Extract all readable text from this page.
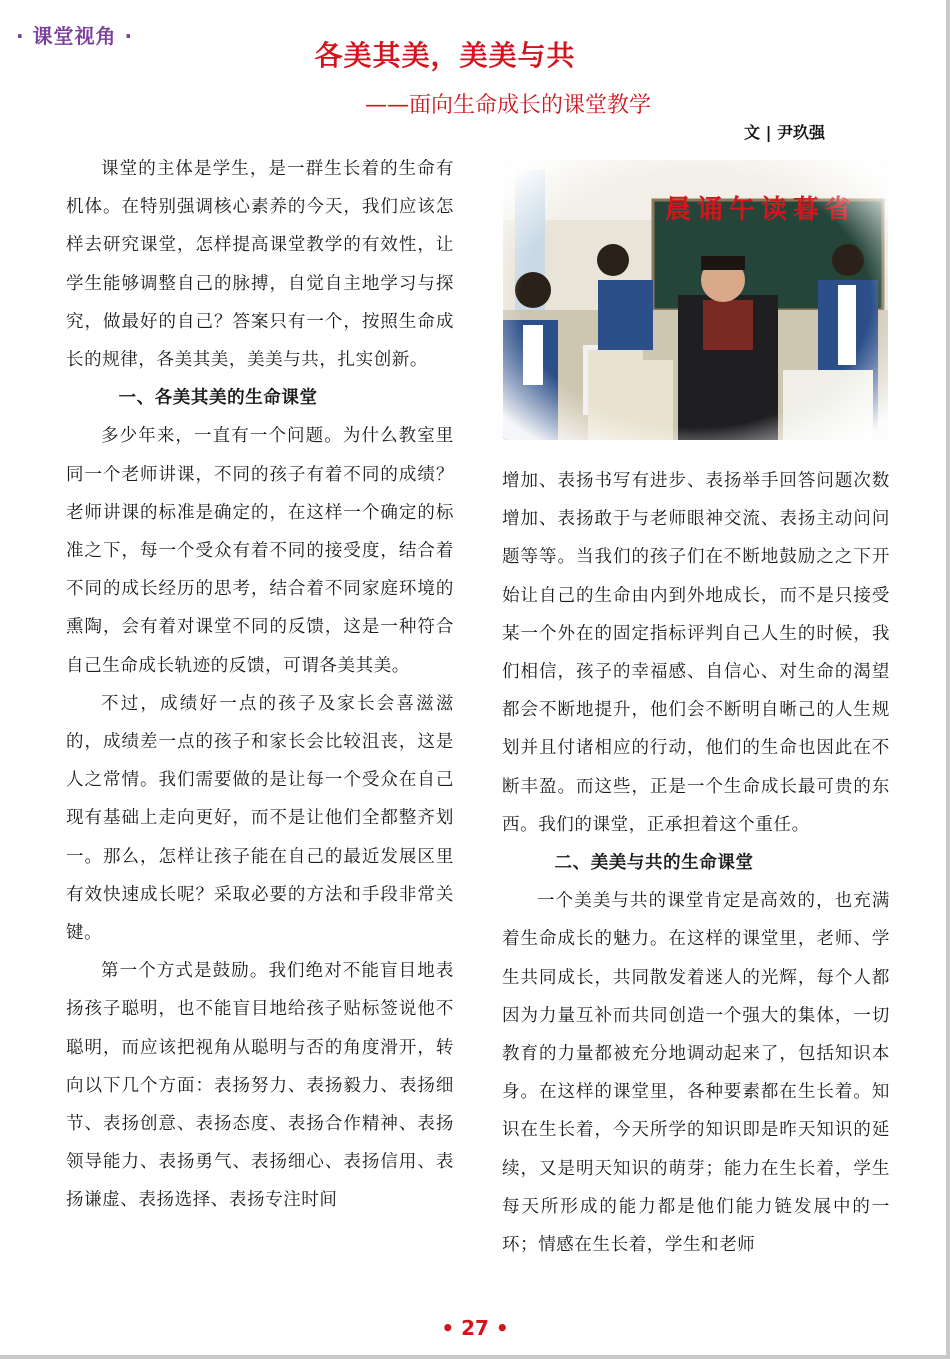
· 课堂视角 ·
各美其美，美美与共
——面向生命成长的课堂教学
文 | 尹玖强

课堂的主体是学生，是一群生长着的生命有机体。在特别强调核心素养的今天，我们应该怎样去研究课堂，怎样提高课堂教学的有效性，让学生能够调整自己的脉搏，自觉自主地学习与探究，做最好的自己？答案只有一个，按照生命成长的规律，各美其美，美美与共，扎实创新。

一、各美其美的生命课堂

多少年来，一直有一个问题。为什么教室里同一个老师讲课，不同的孩子有着不同的成绩？老师讲课的标准是确定的，在这样一个确定的标准之下，每一个受众有着不同的接受度，结合着不同的成长经历的思考，结合着不同家庭环境的熏陶，会有着对课堂不同的反馈，这是一种符合自己生命成长轨迹的反馈，可谓各美其美。

不过，成绩好一点的孩子及家长会喜滋滋的，成绩差一点的孩子和家长会比较沮丧，这是人之常情。我们需要做的是让每一个受众在自己现有基础上走向更好，而不是让他们全都整齐划一。那么，怎样让孩子能在自己的最近发展区里有效快速成长呢？采取必要的方法和手段非常关键。

第一个方式是鼓励。我们绝对不能盲目地表扬孩子聪明，也不能盲目地给孩子贴标签说他不聪明，而应该把视角从聪明与否的角度滑开，转向以下几个方面：表扬努力、表扬毅力、表扬细节、表扬创意、表扬态度、表扬合作精神、表扬领导能力、表扬勇气、表扬细心、表扬信用、表扬谦虚、表扬选择、表扬专注时间

增加、表扬书写有进步、表扬举手回答问题次数增加、表扬敢于与老师眼神交流、表扬主动问问题等等。当我们的孩子们在不断地鼓励之之下开始让自己的生命由内到外地成长，而不是只接受某一个外在的固定指标评判自己人生的时候，我们相信，孩子的幸福感、自信心、对生命的渴望都会不断地提升，他们会不断明自晰己的人生规划并且付诸相应的行动，他们的生命也因此在不断丰盈。而这些，正是一个生命成长最可贵的东西。我们的课堂，正承担着这个重任。

二、美美与共的生命课堂

一个美美与共的课堂肯定是高效的，也充满着生命成长的魅力。在这样的课堂里，老师、学生共同成长，共同散发着迷人的光辉，每个人都因为力量互补而共同创造一个强大的集体，一切教育的力量都被充分地调动起来了，包括知识本身。在这样的课堂里，各种要素都在生长着。知识在生长着，今天所学的知识即是昨天知识的延续，又是明天知识的萌芽；能力在生长着，学生每天所形成的能力都是他们能力链发展中的一环；情感在生长着，学生和老师

• 27 •
